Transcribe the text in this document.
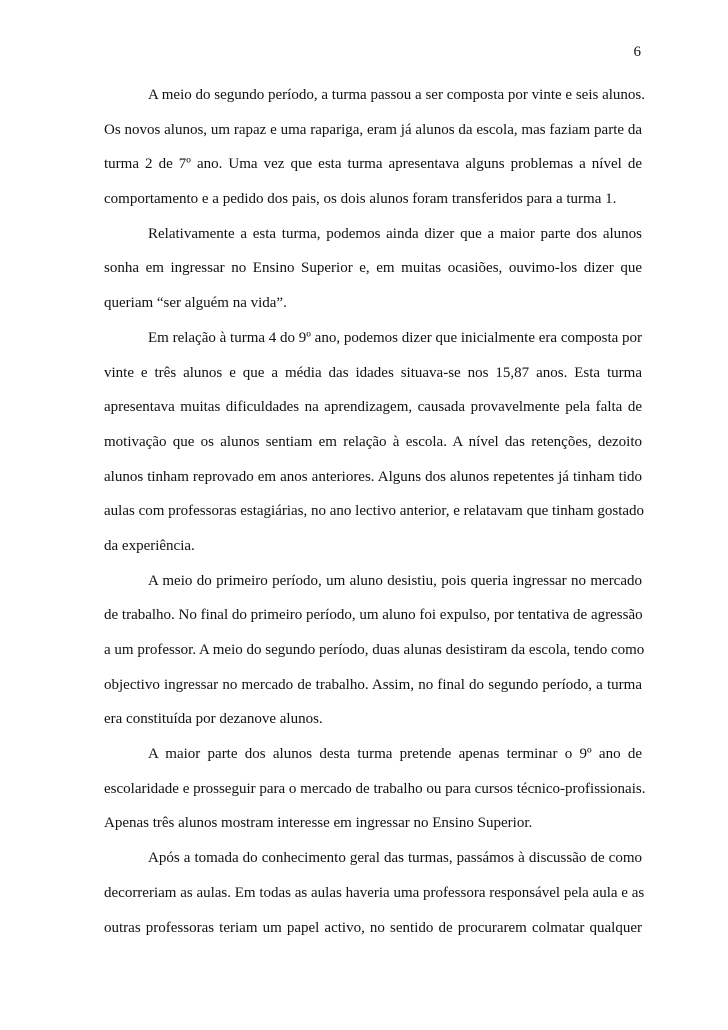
6
A meio do segundo período, a turma passou a ser composta por vinte e seis alunos.
Os novos alunos, um rapaz e uma rapariga, eram já alunos da escola, mas faziam parte da
turma 2 de 7º ano. Uma vez que esta turma apresentava alguns problemas a nível de
comportamento e a pedido dos pais, os dois alunos foram transferidos para a turma 1.
Relativamente a esta turma, podemos ainda dizer que a maior parte dos alunos
sonha em ingressar no Ensino Superior e, em muitas ocasiões, ouvimo-los dizer que
queriam “ser alguém na vida”.
Em relação à turma 4 do 9º ano, podemos dizer que inicialmente era composta por
vinte e três alunos e que a média das idades situava-se nos 15,87 anos. Esta turma
apresentava muitas dificuldades na aprendizagem, causada provavelmente pela falta de
motivação que os alunos sentiam em relação à escola. A nível das retenções, dezoito
alunos tinham reprovado em anos anteriores. Alguns dos alunos repetentes já tinham tido
aulas com professoras estagiárias, no ano lectivo anterior, e relatavam que tinham gostado
da experiência.
A meio do primeiro período, um aluno desistiu, pois queria ingressar no mercado
de trabalho. No final do primeiro período, um aluno foi expulso, por tentativa de agressão
a um professor. A meio do segundo período, duas alunas desistiram da escola, tendo como
objectivo ingressar no mercado de trabalho. Assim, no final do segundo período, a turma
era constituída por dezanove alunos.
A maior parte dos alunos desta turma pretende apenas terminar o 9º ano de
escolaridade e prosseguir para o mercado de trabalho ou para cursos técnico-profissionais.
Apenas três alunos mostram interesse em ingressar no Ensino Superior.
Após a tomada do conhecimento geral das turmas, passámos à discussão de como
decorreriam as aulas. Em todas as aulas haveria uma professora responsável pela aula e as
outras professoras teriam um papel activo, no sentido de procurarem colmatar qualquer
